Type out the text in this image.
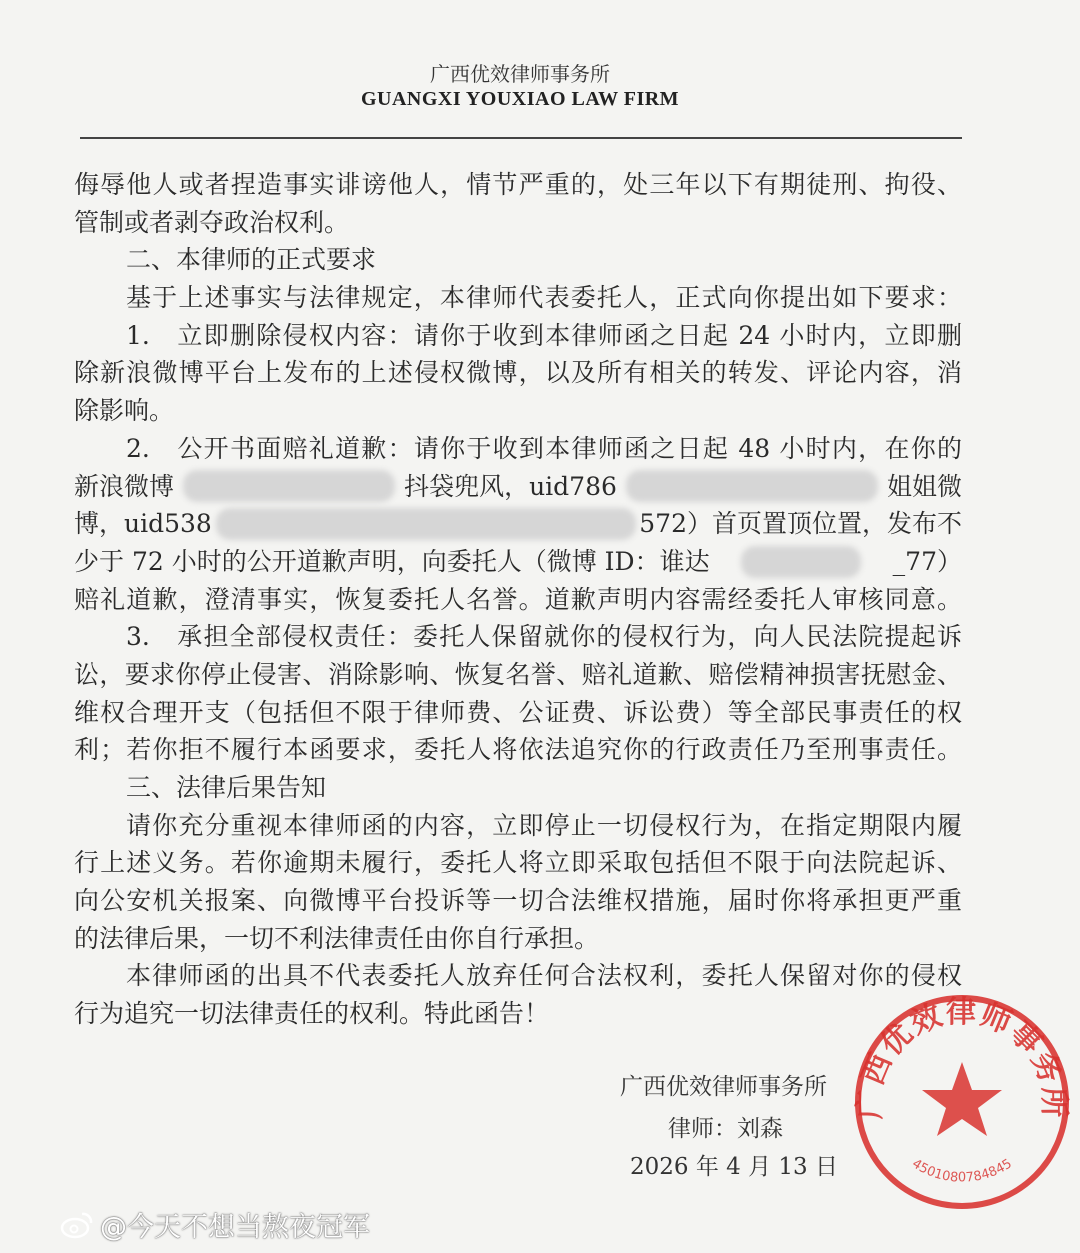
广西优效律师事务所
GUANGXI YOUXIAO LAW FIRM
侮辱他人或者捏造事实诽谤他人，情节严重的，处三年以下有期徒刑、拘役、
管制或者剥夺政治权利。
二、本律师的正式要求
基于上述事实与法律规定，本律师代表委托人，正式向你提出如下要求：
1.　立即删除侵权内容：请你于收到本律师函之日起 24 小时内，立即删
除新浪微博平台上发布的上述侵权微博，以及所有相关的转发、评论内容，消
除影响。
2.　公开书面赔礼道歉：请你于收到本律师函之日起 48 小时内，在你的
新浪微博	抖袋兜风，uid786	姐姐微
博，uid538	572）首页置顶位置，发布不
少于 72 小时的公开道歉声明，向委托人（微博 ID：谁达	_77）
赔礼道歉，澄清事实，恢复委托人名誉。道歉声明内容需经委托人审核同意。
3.　承担全部侵权责任：委托人保留就你的侵权行为，向人民法院提起诉
讼，要求你停止侵害、消除影响、恢复名誉、赔礼道歉、赔偿精神损害抚慰金、
维权合理开支（包括但不限于律师费、公证费、诉讼费）等全部民事责任的权
利；若你拒不履行本函要求，委托人将依法追究你的行政责任乃至刑事责任。
三、法律后果告知
请你充分重视本律师函的内容，立即停止一切侵权行为，在指定期限内履
行上述义务。若你逾期未履行，委托人将立即采取包括但不限于向法院起诉、
向公安机关报案、向微博平台投诉等一切合法维权措施，届时你将承担更严重
的法律后果，一切不利法律责任由你自行承担。
本律师函的出具不代表委托人放弃任何合法权利，委托人保留对你的侵权
行为追究一切法律责任的权利。特此函告！
@今天不想当熬夜冠军
广西优效律师事务所
4501080784845
广西优效律师事务所
律师：刘森
2026 年 4 月 13 日
